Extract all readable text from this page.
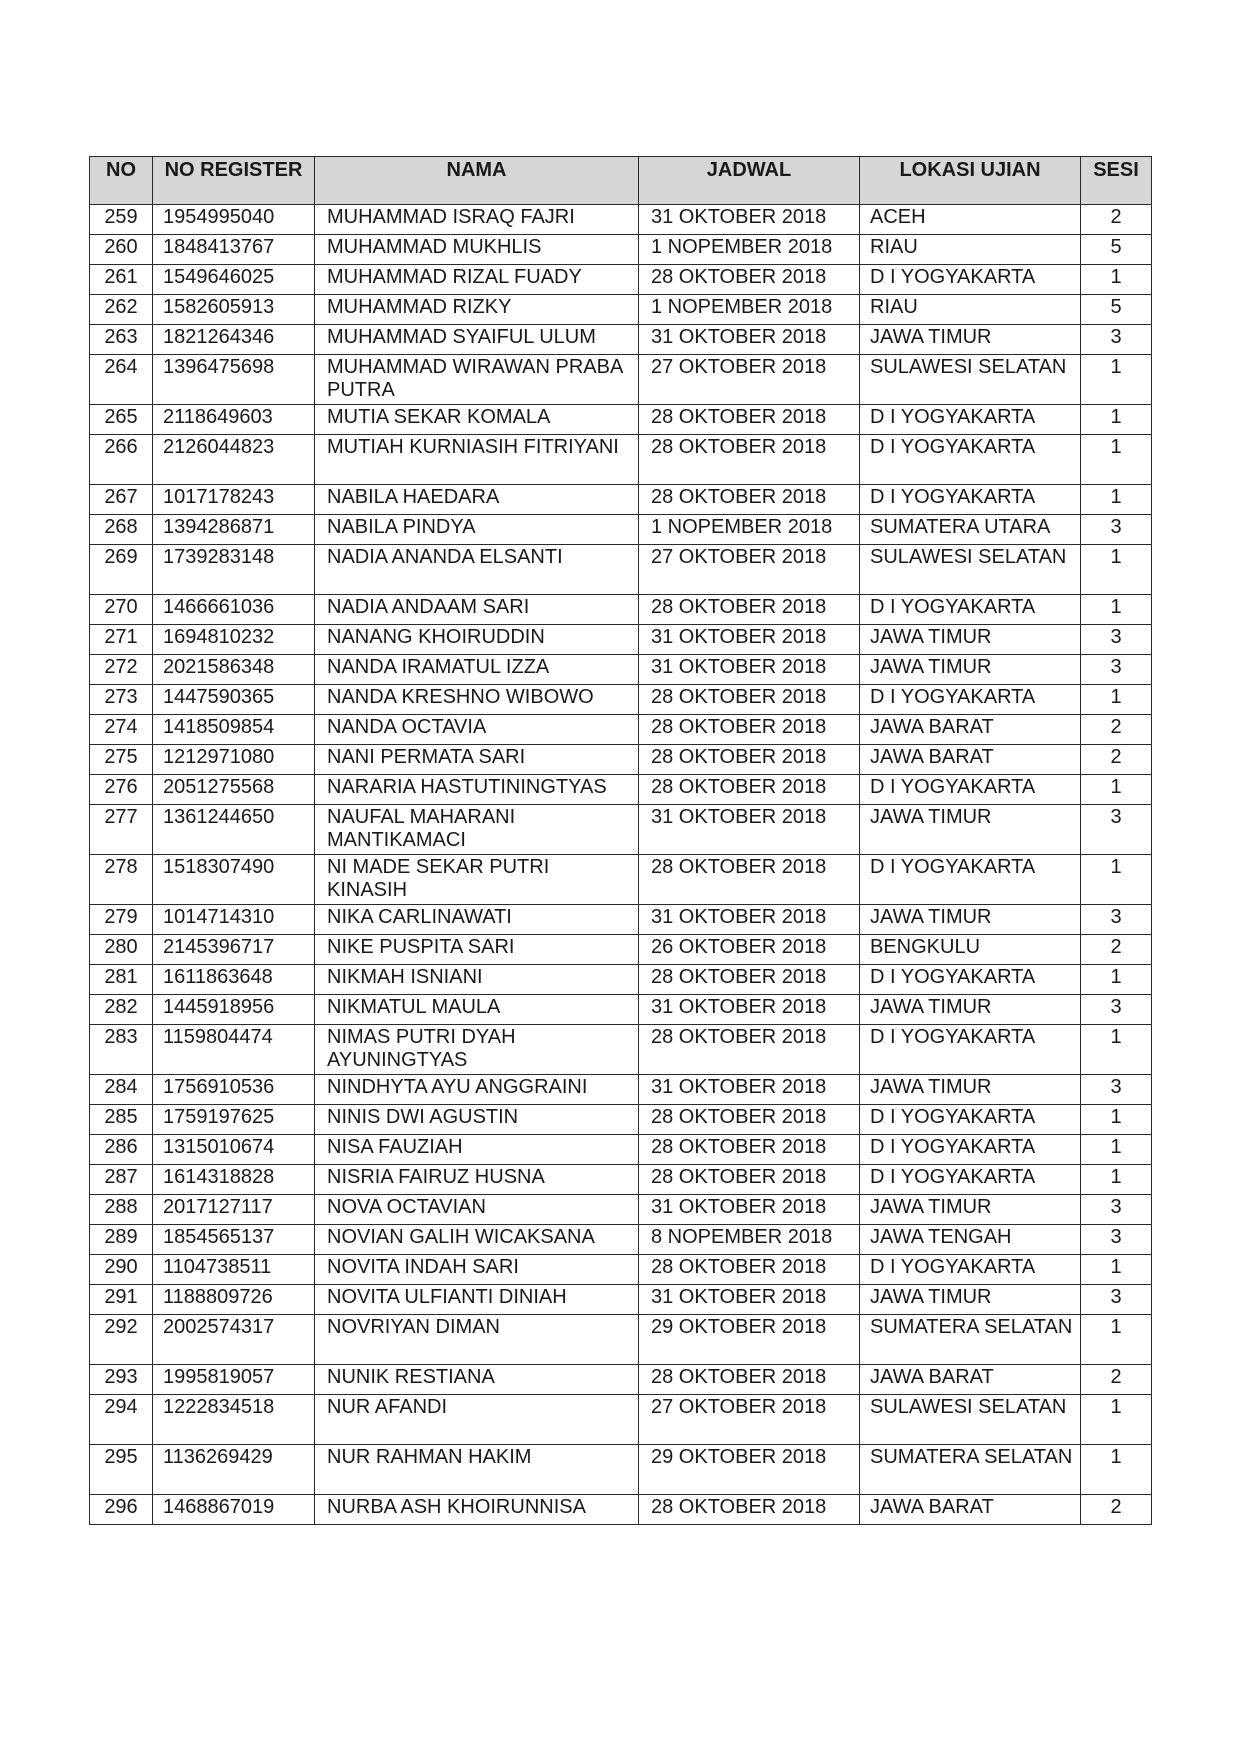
NO	NO REGISTER	NAMA	JADWAL	LOKASI UJIAN	SESI
259	1954995040	MUHAMMAD ISRAQ FAJRI	31 OKTOBER 2018	ACEH	2
260	1848413767	MUHAMMAD MUKHLIS	1 NOPEMBER 2018	RIAU	5
261	1549646025	MUHAMMAD RIZAL FUADY	28 OKTOBER 2018	D I YOGYAKARTA	1
262	1582605913	MUHAMMAD RIZKY	1 NOPEMBER 2018	RIAU	5
263	1821264346	MUHAMMAD SYAIFUL ULUM	31 OKTOBER 2018	JAWA TIMUR	3
264	1396475698	MUHAMMAD WIRAWAN PRABA PUTRA	27 OKTOBER 2018	SULAWESI SELATAN	1
265	2118649603	MUTIA SEKAR KOMALA	28 OKTOBER 2018	D I YOGYAKARTA	1
266	2126044823	MUTIAH KURNIASIH FITRIYANI	28 OKTOBER 2018	D I YOGYAKARTA	1
267	1017178243	NABILA HAEDARA	28 OKTOBER 2018	D I YOGYAKARTA	1
268	1394286871	NABILA PINDYA	1 NOPEMBER 2018	SUMATERA UTARA	3
269	1739283148	NADIA ANANDA ELSANTI	27 OKTOBER 2018	SULAWESI SELATAN	1
270	1466661036	NADIA ANDAAM SARI	28 OKTOBER 2018	D I YOGYAKARTA	1
271	1694810232	NANANG KHOIRUDDIN	31 OKTOBER 2018	JAWA TIMUR	3
272	2021586348	NANDA IRAMATUL IZZA	31 OKTOBER 2018	JAWA TIMUR	3
273	1447590365	NANDA KRESHNO WIBOWO	28 OKTOBER 2018	D I YOGYAKARTA	1
274	1418509854	NANDA OCTAVIA	28 OKTOBER 2018	JAWA BARAT	2
275	1212971080	NANI PERMATA SARI	28 OKTOBER 2018	JAWA BARAT	2
276	2051275568	NARARIA HASTUTININGTYAS	28 OKTOBER 2018	D I YOGYAKARTA	1
277	1361244650	NAUFAL MAHARANI MANTIKAMACI	31 OKTOBER 2018	JAWA TIMUR	3
278	1518307490	NI MADE SEKAR PUTRI KINASIH	28 OKTOBER 2018	D I YOGYAKARTA	1
279	1014714310	NIKA CARLINAWATI	31 OKTOBER 2018	JAWA TIMUR	3
280	2145396717	NIKE PUSPITA SARI	26 OKTOBER 2018	BENGKULU	2
281	1611863648	NIKMAH ISNIANI	28 OKTOBER 2018	D I YOGYAKARTA	1
282	1445918956	NIKMATUL MAULA	31 OKTOBER 2018	JAWA TIMUR	3
283	1159804474	NIMAS PUTRI DYAH AYUNINGTYAS	28 OKTOBER 2018	D I YOGYAKARTA	1
284	1756910536	NINDHYTA AYU ANGGRAINI	31 OKTOBER 2018	JAWA TIMUR	3
285	1759197625	NINIS DWI AGUSTIN	28 OKTOBER 2018	D I YOGYAKARTA	1
286	1315010674	NISA FAUZIAH	28 OKTOBER 2018	D I YOGYAKARTA	1
287	1614318828	NISRIA FAIRUZ HUSNA	28 OKTOBER 2018	D I YOGYAKARTA	1
288	2017127117	NOVA OCTAVIAN	31 OKTOBER 2018	JAWA TIMUR	3
289	1854565137	NOVIAN GALIH WICAKSANA	8 NOPEMBER 2018	JAWA TENGAH	3
290	1104738511	NOVITA INDAH SARI	28 OKTOBER 2018	D I YOGYAKARTA	1
291	1188809726	NOVITA ULFIANTI DINIAH	31 OKTOBER 2018	JAWA TIMUR	3
292	2002574317	NOVRIYAN DIMAN	29 OKTOBER 2018	SUMATERA SELATAN	1
293	1995819057	NUNIK RESTIANA	28 OKTOBER 2018	JAWA BARAT	2
294	1222834518	NUR AFANDI	27 OKTOBER 2018	SULAWESI SELATAN	1
295	1136269429	NUR RAHMAN HAKIM	29 OKTOBER 2018	SUMATERA SELATAN	1
296	1468867019	NURBA ASH KHOIRUNNISA	28 OKTOBER 2018	JAWA BARAT	2
